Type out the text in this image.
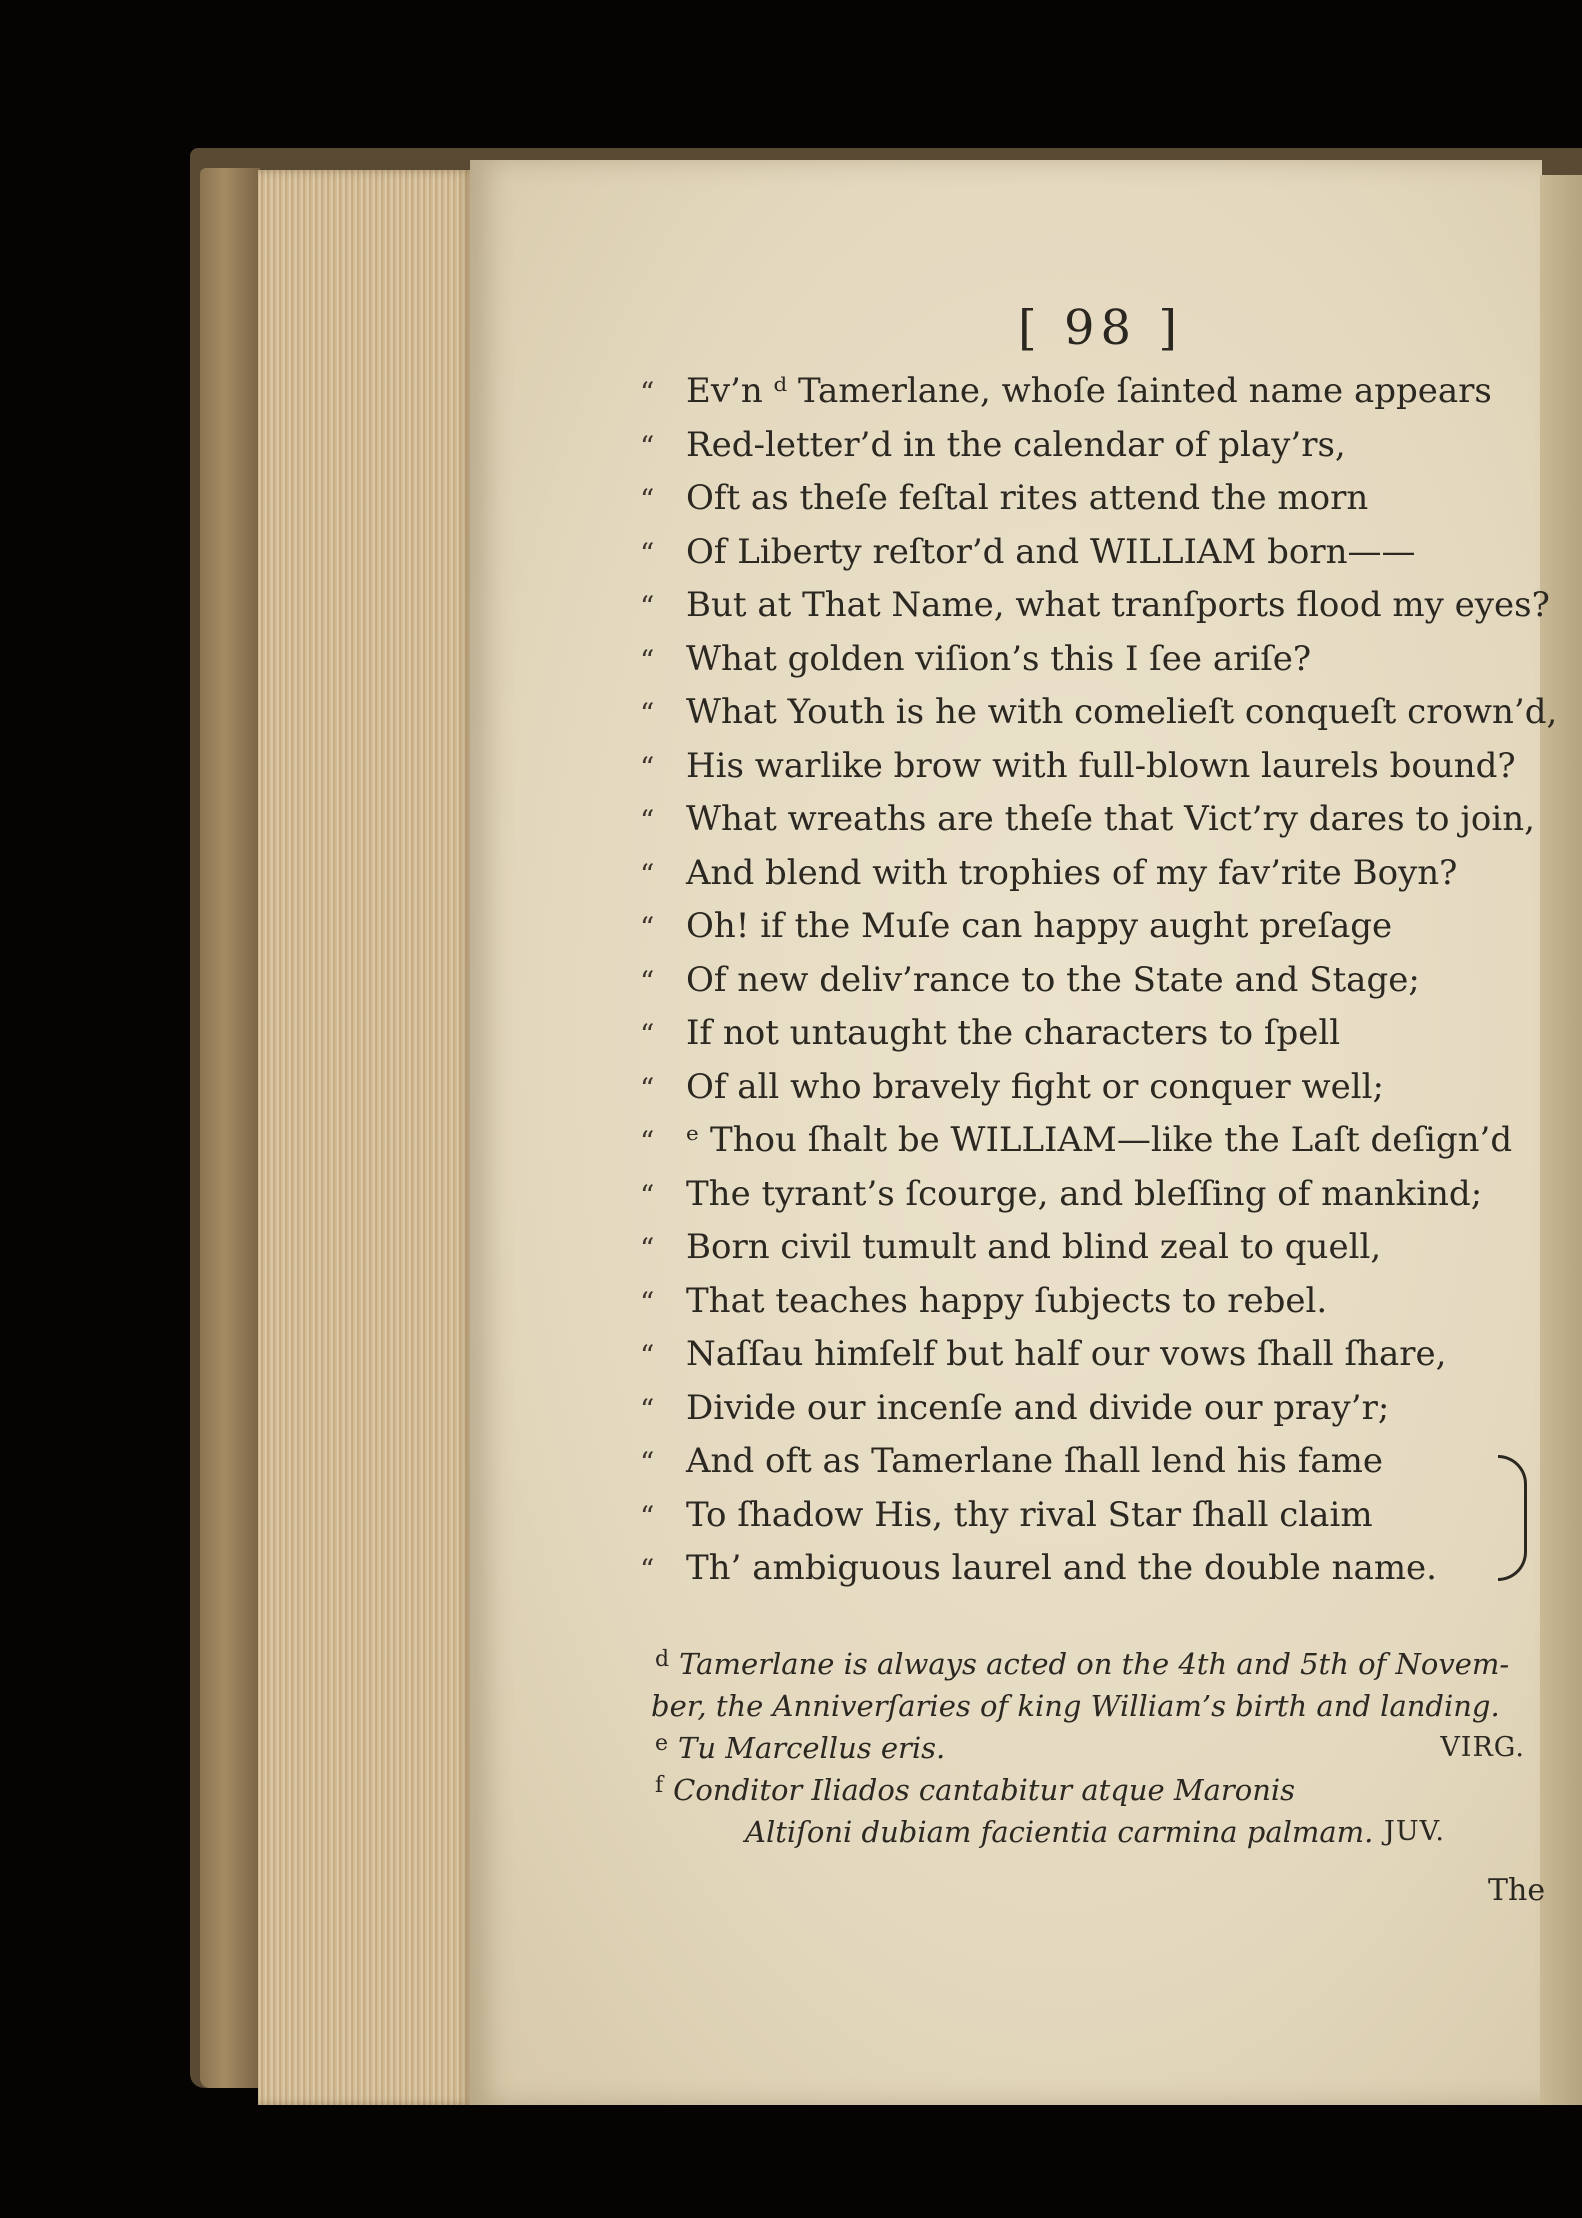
[ 98 ]
“ Ev’n ᵈ Tamerlane, whoſe ſainted name appears
“ Red-letter’d in the calendar of play’rs,
“ Oft as theſe feſtal rites attend the morn
“ Of Liberty reſtor’d and WILLIAM born——
“ But at That Name, what tranſports flood my eyes?
“ What golden viſion’s this I ſee ariſe?
“ What Youth is he with comelieſt conqueſt crown’d,
“ His warlike brow with full-blown laurels bound?
“ What wreaths are theſe that Vict’ry dares to join,
“ And blend with trophies of my fav’rite Boyn?
“ Oh! if the Muſe can happy aught preſage
“ Of new deliv’rance to the State and Stage;
“ If not untaught the characters to ſpell
“ Of all who bravely fight or conquer well;
“ ᵉ Thou ſhalt be WILLIAM—like the Laſt deſign’d
“ The tyrant’s ſcourge, and bleſſing of mankind;
“ Born civil tumult and blind zeal to quell,
“ That teaches happy ſubjects to rebel.
“ Naſſau himſelf but half our vows ſhall ſhare,
“ Divide our incenſe and divide our pray’r;
“ And oft as Tamerlane ſhall lend his fame
“ To ſhadow His, thy rival Star ſhall claim
“ Th’ ambiguous laurel and the double name.
$^d$ Tamerlane is always acted on the 4th and 5th of Novem-
ber, the Anniverſaries of king William’s birth and landing.
$^e$ Tu Marcellus eris.	VIRG.
$^f$ Conditor Iliados cantabitur atque Maronis
Altiſoni dubiam facientia carmina palmam. JUV.
The
